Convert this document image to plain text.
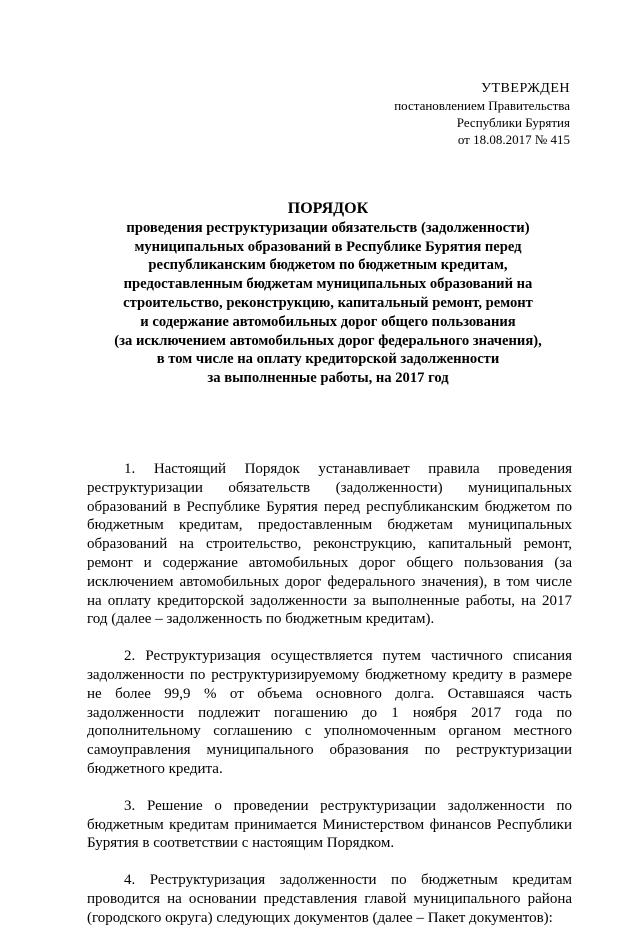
УТВЕРЖДЕН
постановлением Правительства
Республики Бурятия
от 18.08.2017 № 415
ПОРЯДОК
проведения реструктуризации обязательств (задолженности)
муниципальных образований в Республике Бурятия перед
республиканским бюджетом по бюджетным кредитам,
предоставленным бюджетам муниципальных образований на
строительство, реконструкцию, капитальный ремонт, ремонт
и содержание автомобильных дорог общего пользования
(за исключением автомобильных дорог федерального значения),
в том числе на оплату кредиторской задолженности
за выполненные работы, на 2017 год

1. Настоящий Порядок устанавливает правила проведения реструктуризации обязательств (задолженности) муниципальных образований в Республике Бурятия перед республиканским бюджетом по бюджетным кредитам, предоставленным бюджетам муниципальных образований на строительство, реконструкцию, капитальный ремонт, ремонт и содержание автомобильных дорог общего пользования (за исключением автомобильных дорог федерального значения), в том числе на оплату кредиторской задолженности за выполненные работы, на 2017 год (далее – задолженность по бюджетным кредитам).

2. Реструктуризация осуществляется путем частичного списания задолженности по реструктуризируемому бюджетному кредиту в размере не более 99,9 % от объема основного долга. Оставшаяся часть задолженности подлежит погашению до 1 ноября 2017 года по дополнительному соглашению с уполномоченным органом местного самоуправления муниципального образования по реструктуризации бюджетного кредита.

3. Решение о проведении реструктуризации задолженности по бюджетным кредитам принимается Министерством финансов Республики Бурятия в соответствии с настоящим Порядком.

4. Реструктуризация задолженности по бюджетным кредитам проводится на основании представления главой муниципального района (городского округа) следующих документов (далее – Пакет документов):
